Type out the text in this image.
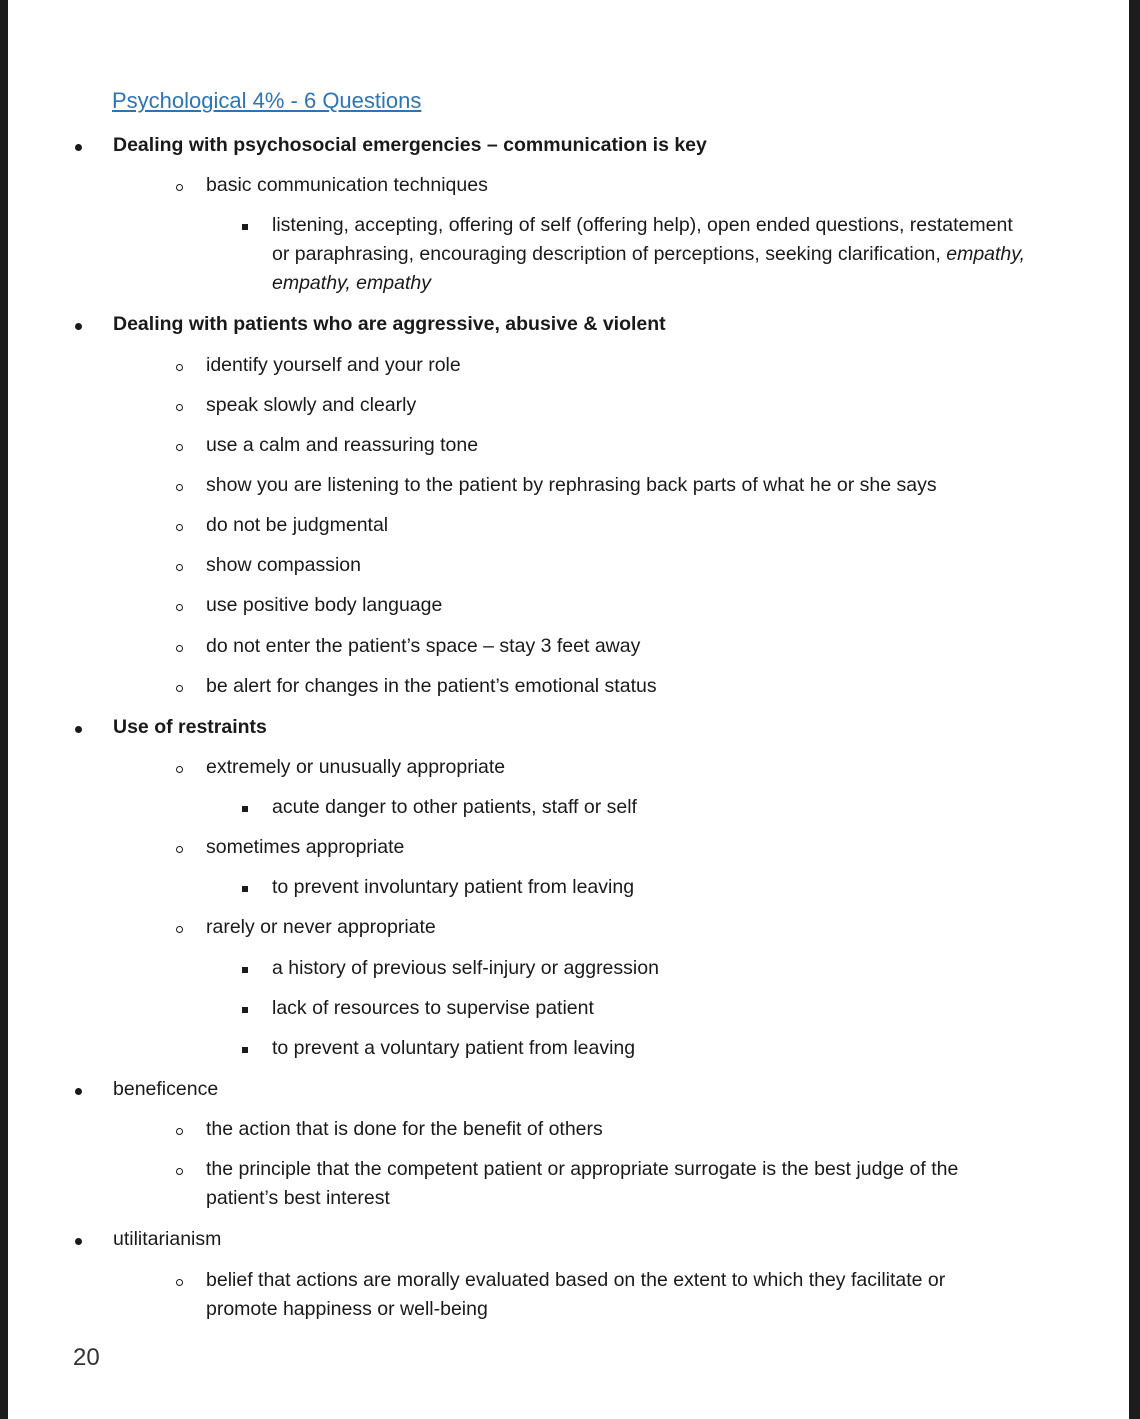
Psychological 4% - 6 Questions
Dealing with psychosocial emergencies – communication is key
basic communication techniques
listening, accepting, offering of self (offering help), open ended questions, restatement
or paraphrasing, encouraging description of perceptions, seeking clarification, empathy,
empathy, empathy
Dealing with patients who are aggressive, abusive & violent
identify yourself and your role
speak slowly and clearly
use a calm and reassuring tone
show you are listening to the patient by rephrasing back parts of what he or she says
do not be judgmental
show compassion
use positive body language
do not enter the patient’s space – stay 3 feet away
be alert for changes in the patient’s emotional status
Use of restraints
extremely or unusually appropriate
acute danger to other patients, staff or self
sometimes appropriate
to prevent involuntary patient from leaving
rarely or never appropriate
a history of previous self-injury or aggression
lack of resources to supervise patient
to prevent a voluntary patient from leaving
beneficence
the action that is done for the benefit of others
the principle that the competent patient or appropriate surrogate is the best judge of the
patient’s best interest
utilitarianism
belief that actions are morally evaluated based on the extent to which they facilitate or
promote happiness or well-being
20
